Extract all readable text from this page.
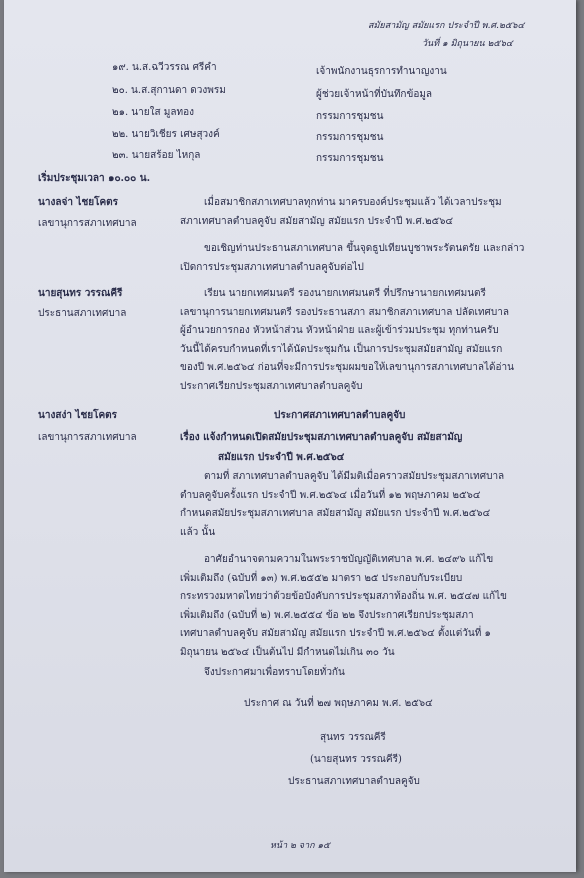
สมัยสามัญ สมัยแรก ประจำปี พ.ศ.๒๕๖๔
วันที่ ๑ มิถุนายน ๒๕๖๔
๑๙. น.ส.ฉวีวรรณ ศรีคำ	เจ้าพนักงานธุรการทำนาญงาน
๒๐. น.ส.สุกานดา ดวงพรม	ผู้ช่วยเจ้าหน้าที่บันทึกข้อมูล
๒๑. นายใส มูลทอง	กรรมการชุมชน
๒๒. นายวิเชียร เศษสุวงค์	กรรมการชุมชน
๒๓. นายสร้อย ไหกุล	กรรมการชุมชน
เริ่มประชุมเวลา ๑๐.๐๐ น.
นางลจ่า ไชยโคตร
เลขานุการสภาเทศบาล
เมื่อสมาชิกสภาเทศบาลทุกท่าน มาครบองค์ประชุมแล้ว ได้เวลาประชุม
สภาเทศบาลตำบลคูจับ สมัยสามัญ สมัยแรก ประจำปี พ.ศ.๒๕๖๔
ขอเชิญท่านประธานสภาเทศบาล ขึ้นจุดธูปเทียนบูชาพระรัตนตรัย และกล่าว
เปิดการประชุมสภาเทศบาลตำบลคูจับต่อไป
นายสุนทร วรรณคีรี
ประธานสภาเทศบาล
เรียน นายกเทศมนตรี รองนายกเทศมนตรี ที่ปรึกษานายกเทศมนตรี
เลขานุการนายกเทศมนตรี รองประธานสภา สมาชิกสภาเทศบาล ปลัดเทศบาล
ผู้อำนวยการกอง หัวหน้าส่วน หัวหน้าฝ่าย และผู้เข้าร่วมประชุม ทุกท่านครับ
วันนี้ได้ครบกำหนดที่เราได้นัดประชุมกัน เป็นการประชุมสมัยสามัญ สมัยแรก
ของปี พ.ศ.๒๕๖๔ ก่อนที่จะมีการประชุมผมขอให้เลขานุการสภาเทศบาลได้อ่าน
ประกาศเรียกประชุมสภาเทศบาลตำบลคูจับ
นางสง่า ไชยโคตร
เลขานุการสภาเทศบาล
ประกาศสภาเทศบาลตำบลคูจับ
เรื่อง แจ้งกำหนดเปิดสมัยประชุมสภาเทศบาลตำบลคูจับ สมัยสามัญ
สมัยแรก ประจำปี พ.ศ.๒๕๖๔
ตามที่ สภาเทศบาลตำบลคูจับ ได้มีมติเมื่อคราวสมัยประชุมสภาเทศบาล
ตำบลคูจับครั้งแรก ประจำปี พ.ศ.๒๕๖๔ เมื่อวันที่ ๑๒ พฤษภาคม ๒๕๖๔
กำหนดสมัยประชุมสภาเทศบาล สมัยสามัญ สมัยแรก ประจำปี พ.ศ.๒๕๖๔
แล้ว นั้น
อาศัยอำนาจตามความในพระราชบัญญัติเทศบาล พ.ศ. ๒๔๙๖ แก้ไข
เพิ่มเติมถึง (ฉบับที่ ๑๓) พ.ศ.๒๕๕๒ มาตรา ๒๕ ประกอบกับระเบียบ
กระทรวงมหาดไทยว่าด้วยข้อบังคับการประชุมสภาท้องถิ่น พ.ศ. ๒๕๔๗ แก้ไข
เพิ่มเติมถึง (ฉบับที่ ๒) พ.ศ.๒๕๕๔ ข้อ ๒๒ จึงประกาศเรียกประชุมสภา
เทศบาลตำบลคูจับ สมัยสามัญ สมัยแรก ประจำปี พ.ศ.๒๕๖๔ ตั้งแต่วันที่ ๑
มิถุนายน ๒๕๖๔ เป็นต้นไป มีกำหนดไม่เกิน ๓๐ วัน
จึงประกาศมาเพื่อทราบโดยทั่วกัน
ประกาศ ณ วันที่ ๒๗ พฤษภาคม พ.ศ. ๒๕๖๔
สุนทร วรรณคีรี
(นายสุนทร วรรณคีรี)
ประธานสภาเทศบาลตำบลคูจับ
หน้า ๒ จาก ๑๕
